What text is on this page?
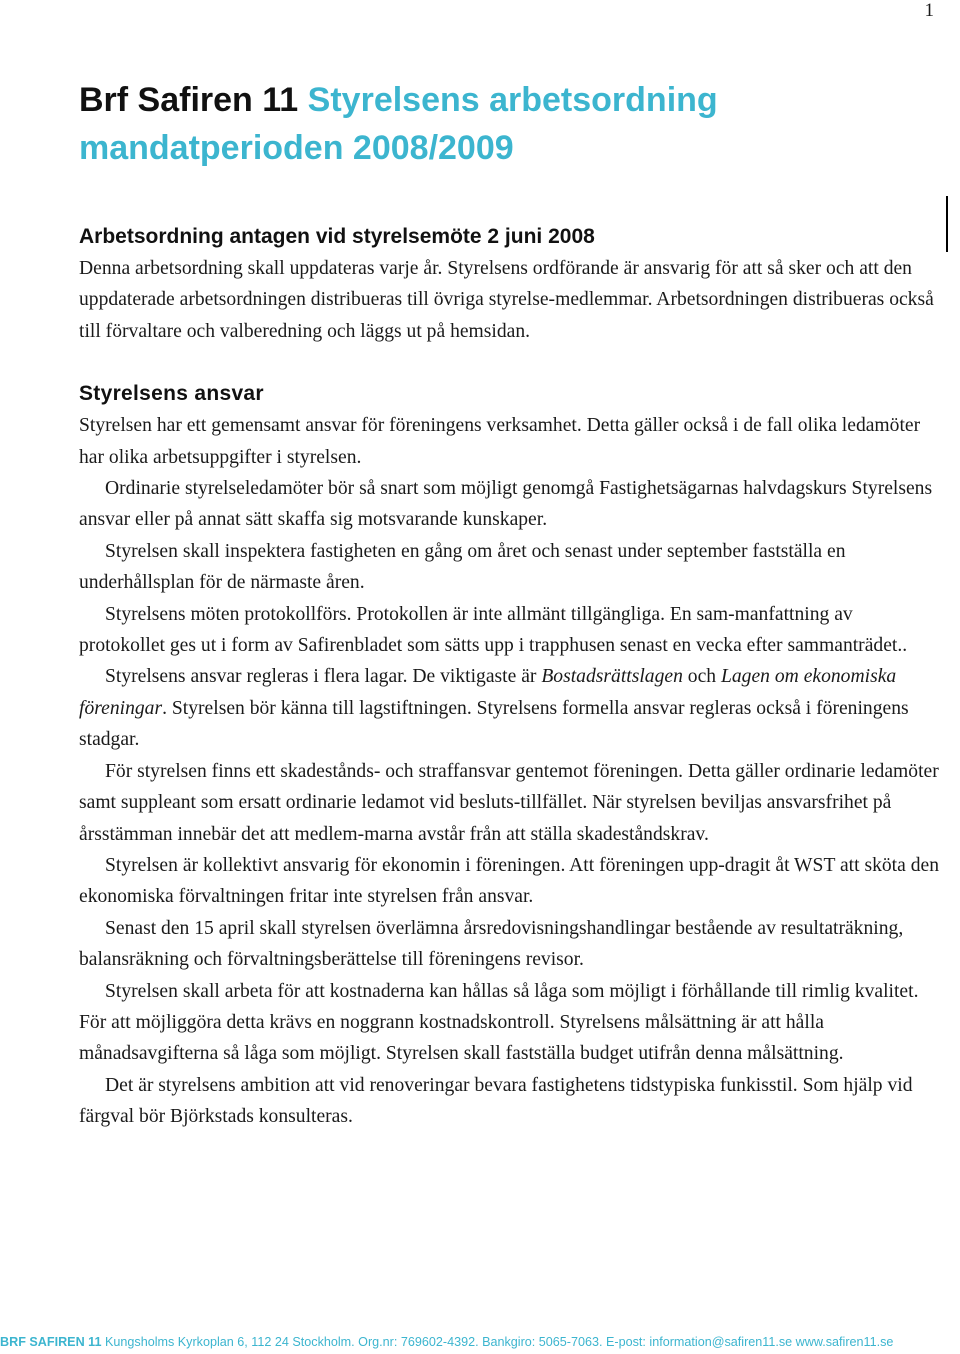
1
Brf Safiren 11 Styrelsens arbetsordning mandatperioden 2008/2009
Arbetsordning antagen vid styrelsemöte 2 juni 2008

Denna arbetsordning skall uppdateras varje år. Styrelsens ordförande är ansvarig för att så sker och att den uppdaterade arbetsordningen distribueras till övriga styrelse-medlemmar. Arbetsordningen distribueras också till förvaltare och valberedning och läggs ut på hemsidan.

Styrelsens ansvar

Styrelsen har ett gemensamt ansvar för föreningens verksamhet. Detta gäller också i de fall olika ledamöter har olika arbetsuppgifter i styrelsen.

Ordinarie styrelseledamöter bör så snart som möjligt genomgå Fastighetsägarnas halvdagskurs Styrelsens ansvar eller på annat sätt skaffa sig motsvarande kunskaper.

Styrelsen skall inspektera fastigheten en gång om året och senast under september fastställa en underhållsplan för de närmaste åren.

Styrelsens möten protokollförs. Protokollen är inte allmänt tillgängliga. En sam-manfattning av protokollet ges ut i form av Safirenbladet som sätts upp i trapphusen senast en vecka efter sammanträdet..

Styrelsens ansvar regleras i flera lagar. De viktigaste är Bostadsrättslagen och Lagen om ekonomiska föreningar. Styrelsen bör känna till lagstiftningen. Styrelsens formella ansvar regleras också i föreningens stadgar.

För styrelsen finns ett skadestånds- och straffansvar gentemot föreningen. Detta gäller ordinarie ledamöter samt suppleant som ersatt ordinarie ledamot vid besluts-tillfället. När styrelsen beviljas ansvarsfrihet på årsstämman innebär det att medlem-marna avstår från att ställa skadeståndskrav.

Styrelsen är kollektivt ansvarig för ekonomin i föreningen. Att föreningen upp-dragit åt WST att sköta den ekonomiska förvaltningen fritar inte styrelsen från ansvar.

Senast den 15 april skall styrelsen överlämna årsredovisningshandlingar bestående av resultaträkning, balansräkning och förvaltningsberättelse till föreningens revisor.

Styrelsen skall arbeta för att kostnaderna kan hållas så låga som möjligt i förhållande till rimlig kvalitet. För att möjliggöra detta krävs en noggrann kostnadskontroll. Styrelsens målsättning är att hålla månadsavgifterna så låga som möjligt. Styrelsen skall fastställa budget utifrån denna målsättning.

Det är styrelsens ambition att vid renoveringar bevara fastighetens tidstypiska funkisstil. Som hjälp vid färgval bör Björkstads konsulteras.

BRF SAFIREN 11 Kungsholms Kyrkoplan 6, 112 24 Stockholm. Org.nr: 769602-4392. Bankgiro: 5065-7063. E-post: information@safiren11.se www.safiren11.se
